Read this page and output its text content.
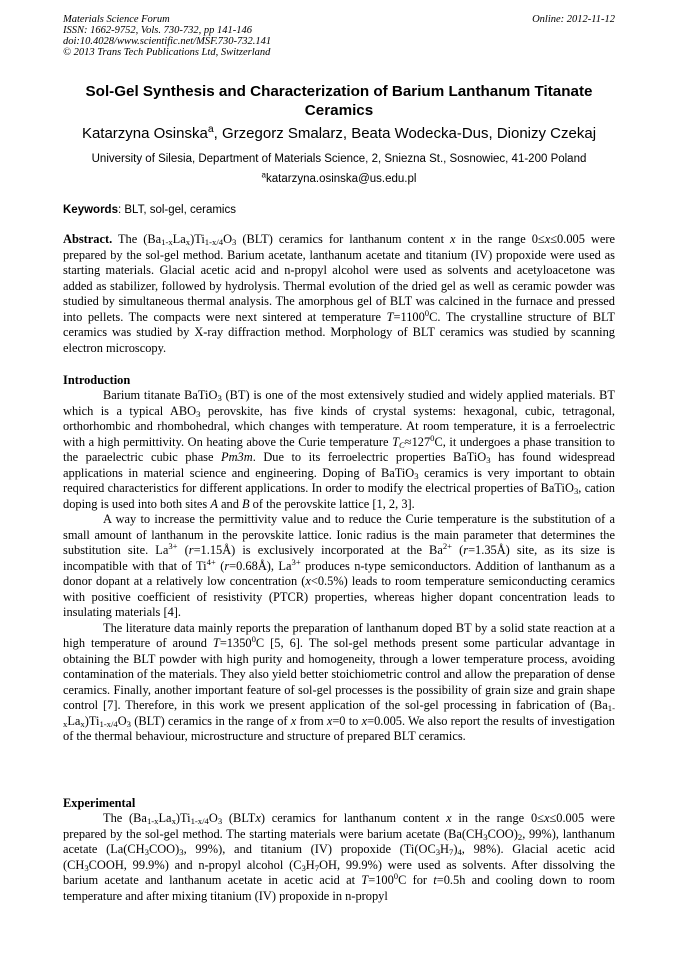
Materials Science Forum
ISSN: 1662-9752, Vols. 730-732, pp 141-146
doi:10.4028/www.scientific.net/MSF.730-732.141
© 2013 Trans Tech Publications Ltd, Switzerland
Online: 2012-11-12
Sol-Gel Synthesis and Characterization of Barium Lanthanum Titanate Ceramics
Katarzyna Osinska$^a$, Grzegorz Smalarz, Beata Wodecka-Dus, Dionizy Czekaj
University of Silesia, Department of Materials Science, 2, Sniezna St., Sosnowiec, 41-200 Poland
$^a$katarzyna.osinska@us.edu.pl
Keywords: BLT, sol-gel, ceramics
Abstract. The $(Ba_{1-x}La_x)Ti_{1-x/4}O_3$ (BLT) ceramics for lanthanum content x in the range 0≤x≤0.005 were prepared by the sol-gel method. Barium acetate, lanthanum acetate and titanium (IV) propoxide were used as starting materials. Glacial acetic acid and n-propyl alcohol were used as solvents and acetyloacetone was added as stabilizer, followed by hydrolysis. Thermal evolution of the dried gel as well as ceramic powder was studied by simultaneous thermal analysis. The amorphous gel of BLT was calcined in the furnace and pressed into pellets. The compacts were next sintered at temperature $T=1100^0C$. The crystalline structure of BLT ceramics was studied by X-ray diffraction method. Morphology of BLT ceramics was studied by scanning electron microscopy.
Introduction

Barium titanate BaTiO$_3$ (BT) is one of the most extensively studied and widely applied materials. BT which is a typical $ABO_3$ perovskite, has five kinds of crystal systems: hexagonal, cubic, tetragonal, orthorhombic and rhombohedral, which changes with temperature. At room temperature, it is a ferroelectric with a high permittivity. On heating above the Curie temperature $T_C\approx 127^0C$, it undergoes a phase transition to the paraelectric cubic phase Pm3m. Due to its ferroelectric properties BaTiO$_3$ has found widespread applications in material science and engineering. Doping of BaTiO$_3$ ceramics is very important to obtain required characteristics for different applications. In order to modify the electrical properties of BaTiO$_3$, cation doping is used into both sites A and B of the perovskite lattice [1, 2, 3].

A way to increase the permittivity value and to reduce the Curie temperature is the substitution of a small amount of lanthanum in the perovskite lattice. Ionic radius is the main parameter that determines the substitution site. $La^{3+}$ (r=1.15Å) is exclusively incorporated at the $Ba^{2+}$ (r=1.35Å) site, as its size is incompatible with that of $Ti^{4+}$ (r=0.68Å), $La^{3+}$ produces n-type semiconductors. Addition of lanthanum as a donor dopant at a relatively low concentration (x<0.5%) leads to room temperature semiconducting ceramics with positive coefficient of resistivity (PTCR) properties, whereas higher dopant concentration leads to insulating materials [4].

The literature data mainly reports the preparation of lanthanum doped BT by a solid state reaction at a high temperature of around $T=1350^0C$ [5, 6]. The sol-gel methods present some particular advantage in obtaining the BLT powder with high purity and homogeneity, through a lower temperature process, avoiding contamination of the materials. They also yield better stoichiometric control and allow the preparation of dense ceramics. Finally, another important feature of sol-gel processes is the possibility of grain size and grain shape control [7]. Therefore, in this work we present application of the sol-gel processing in fabrication of $(Ba_{1-x}La_x)Ti_{1-x/4}O_3$ (BLT) ceramics in the range of x from x=0 to x=0.005. We also report the results of investigation of the thermal behaviour, microstructure and structure of prepared BLT ceramics.

Experimental

The $(Ba_{1-x}La_x)Ti_{1-x/4}O_3$ (BLTx) ceramics for lanthanum content x in the range 0≤x≤0.005 were prepared by the sol-gel method. The starting materials were barium acetate ($Ba(CH_3COO)_2$, 99%), lanthanum acetate ($La(CH_3COO)_3$, 99%), and titanium (IV) propoxide ($Ti(OC_3H_7)_4$, 98%). Glacial acetic acid ($CH_3COOH$, 99.9%) and n-propyl alcohol ($C_3H_7OH$, 99.9%) were used as solvents. After dissolving the barium acetate and lanthanum acetate in acetic acid at $T=100^0C$ for t=0.5h and cooling down to room temperature and after mixing titanium (IV) propoxide in n-propyl
